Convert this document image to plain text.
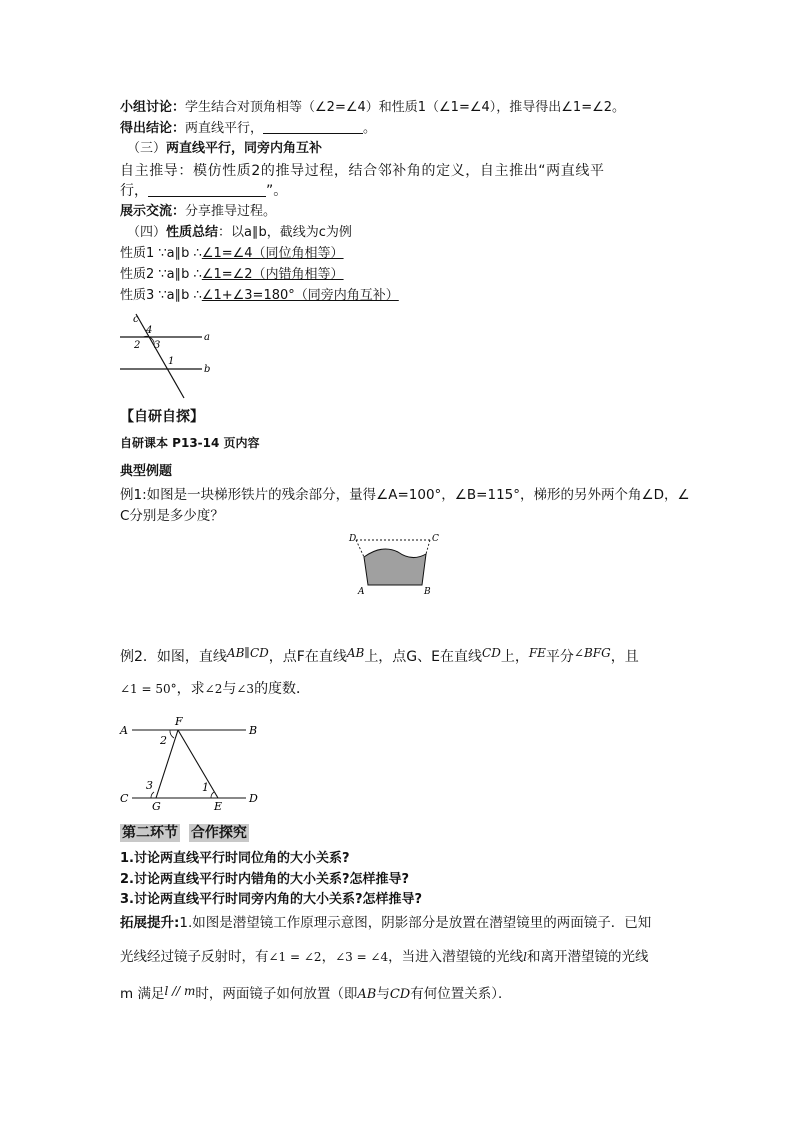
小组讨论：学生结合对顶角相等（∠2=∠4）和性质1（∠1=∠4），推导得出∠1=∠2。
得出结论：两直线平行，	。
（三）两直线平行，同旁内角互补
自主推导：模仿性质2的推导过程，结合邻补角的定义，自主推出“两直线平
行，	”。
展示交流：分享推导过程。
（四）性质总结：以a∥b，截线为c为例
性质1 ∵a∥b ∴∠1=∠4（同位角相等）
性质2 ∵a∥b ∴∠1=∠2（内错角相等）
性质3 ∵a∥b ∴∠1+∠3=180°（同旁内角互补）
c
a
b
4
2 3
1
【自研自探】
自研课本 P13-14 页内容
典型例题
例1:如图是一块梯形铁片的残余部分，量得∠A=100°，∠B=115°，梯形的另外两个角∠D，∠
C分别是多少度？
D	C
A	B
例2．如图，直线AB∥CD，点F在直线AB上，点G、E在直线CD上，FE平分∠BFG，且
∠1 = 50°，求∠2与∠3的度数．
A	B
F
2
3	1
C	D
G	E
第二环节 合作探究
1.讨论两直线平行时同位角的大小关系?
2.讨论两直线平行时内错角的大小关系?怎样推导?
3.讨论两直线平行时同旁内角的大小关系?怎样推导?
拓展提升:1.如图是潜望镜工作原理示意图，阴影部分是放置在潜望镜里的两面镜子．已知
光线经过镜子反射时，有∠1 = ∠2，∠3 = ∠4，当进入潜望镜的光线l和离开潜望镜的光线
m 满足l // m时，两面镜子如何放置（即AB与CD有何位置关系）．
